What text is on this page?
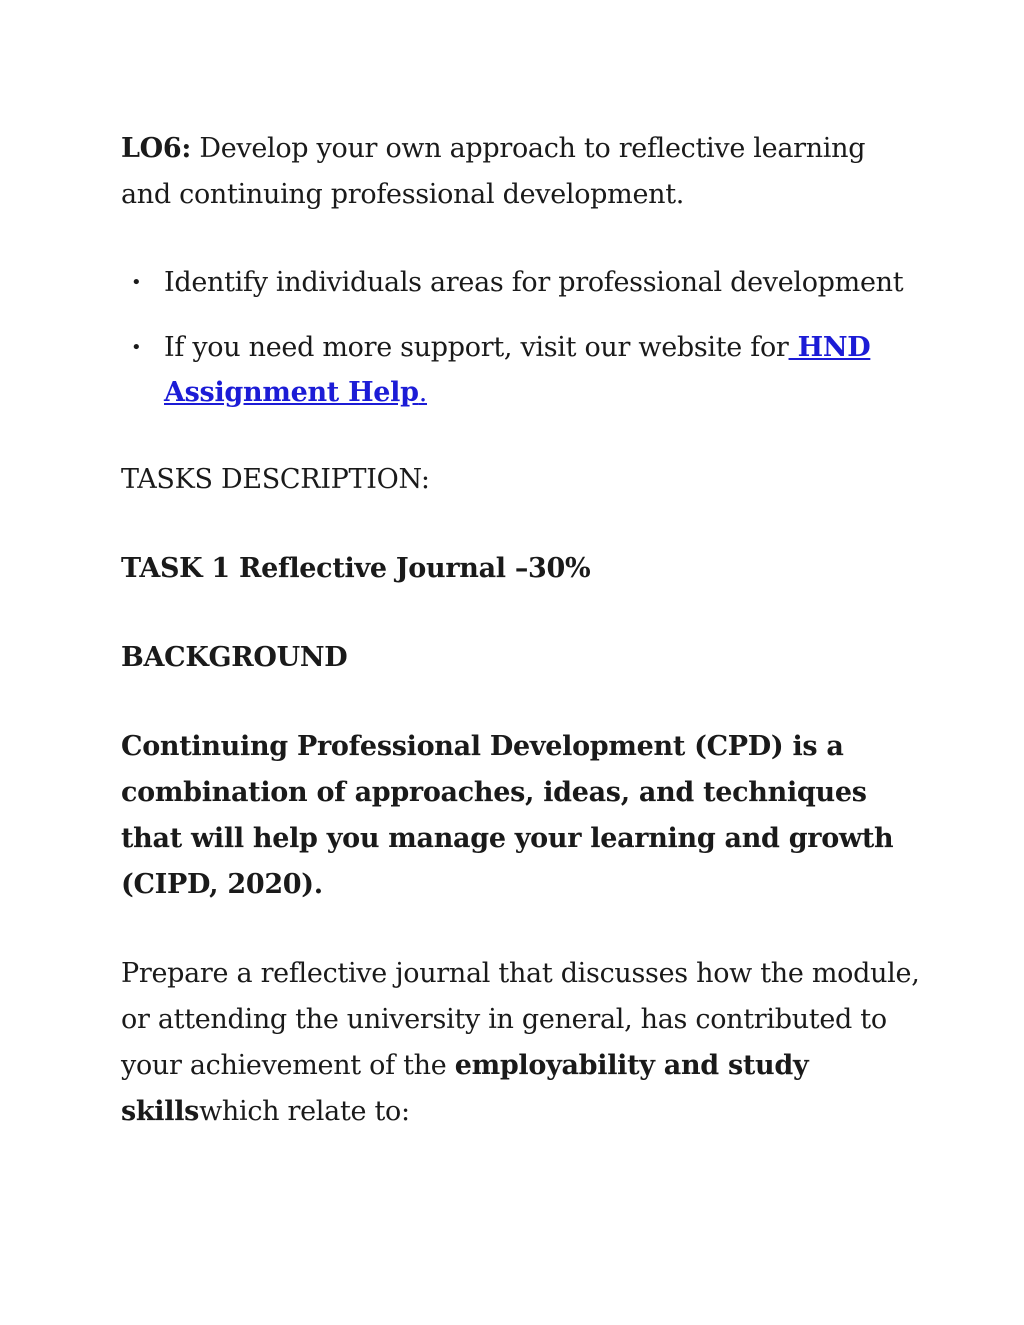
LO6: Develop your own approach to reflective learning and continuing professional development.

• Identify individuals areas for professional development
• If you need more support, visit our website for HND Assignment Help.

TASKS DESCRIPTION:

TASK 1 Reflective Journal –30%

BACKGROUND

Continuing Professional Development (CPD) is a combination of approaches, ideas, and techniques that will help you manage your learning and growth (CIPD, 2020).

Prepare a reflective journal that discusses how the module, or attending the university in general, has contributed to your achievement of the employability and study skillswhich relate to:
